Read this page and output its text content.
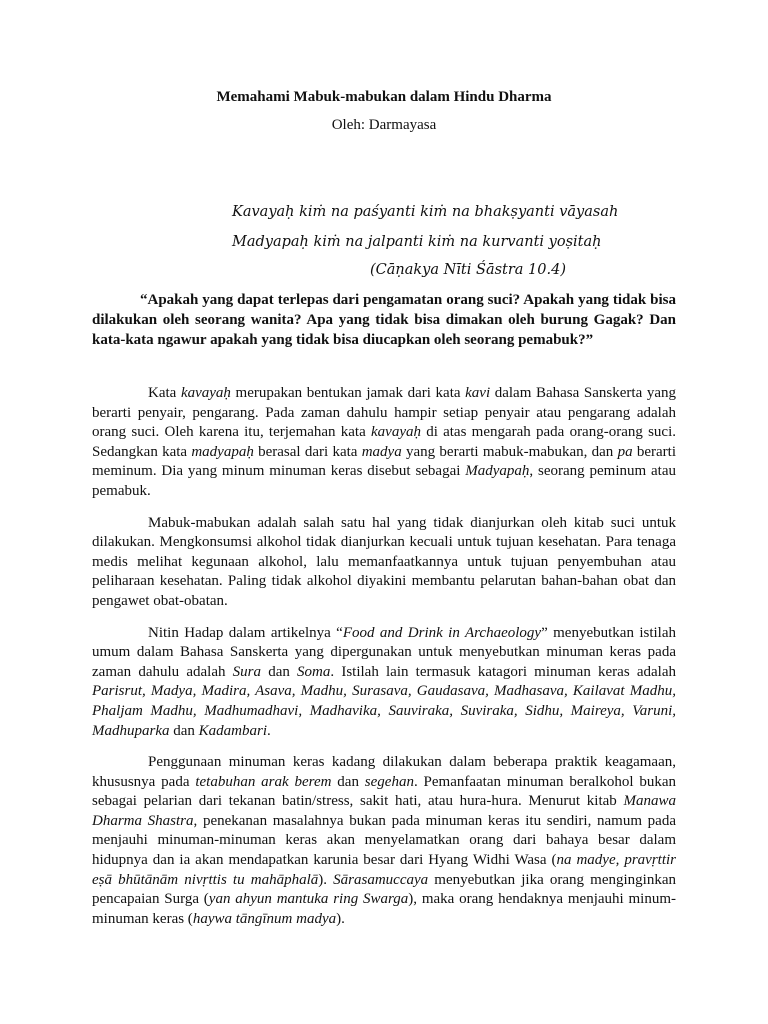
Memahami Mabuk-mabukan dalam Hindu Dharma
Oleh: Darmayasa
Kavayaḥ kiṁ na paśyanti kiṁ na bhakṣyanti vāyasah
Madyapaḥ kiṁ na jalpanti kiṁ na kurvanti yoṣitaḥ
(Cāṇakya Nīti Śāstra 10.4)
“Apakah yang dapat terlepas dari pengamatan orang suci? Apakah yang tidak bisa dilakukan oleh seorang wanita? Apa yang tidak bisa dimakan oleh burung Gagak? Dan kata-kata ngawur apakah yang tidak bisa diucapkan oleh seorang pemabuk?”

Kata kavayaḥ merupakan bentukan jamak dari kata kavi dalam Bahasa Sanskerta yang berarti penyair, pengarang. Pada zaman dahulu hampir setiap penyair atau pengarang adalah orang suci. Oleh karena itu, terjemahan kata kavayaḥ di atas mengarah pada orang-orang suci. Sedangkan kata madyapaḥ berasal dari kata madya yang berarti mabuk-mabukan, dan pa berarti meminum. Dia yang minum minuman keras disebut sebagai Madyapaḥ, seorang peminum atau pemabuk.

Mabuk-mabukan adalah salah satu hal yang tidak dianjurkan oleh kitab suci untuk dilakukan. Mengkonsumsi alkohol tidak dianjurkan kecuali untuk tujuan kesehatan. Para tenaga medis melihat kegunaan alkohol, lalu memanfaatkannya untuk tujuan penyembuhan atau peliharaan kesehatan. Paling tidak alkohol diyakini membantu pelarutan bahan-bahan obat dan pengawet obat-obatan.

Nitin Hadap dalam artikelnya “Food and Drink in Archaeology” menyebutkan istilah umum dalam Bahasa Sanskerta yang dipergunakan untuk menyebutkan minuman keras pada zaman dahulu adalah Sura dan Soma. Istilah lain termasuk katagori minuman keras adalah Parisrut, Madya, Madira, Asava, Madhu, Surasava, Gaudasava, Madhasava, Kailavat Madhu, Phaljam Madhu, Madhumadhavi, Madhavika, Sauviraka, Suviraka, Sidhu, Maireya, Varuni, Madhuparka dan Kadambari.

Penggunaan minuman keras kadang dilakukan dalam beberapa praktik keagamaan, khususnya pada tetabuhan arak berem dan segehan. Pemanfaatan minuman beralkohol bukan sebagai pelarian dari tekanan batin/stress, sakit hati, atau hura-hura. Menurut kitab Manawa Dharma Shastra, penekanan masalahnya bukan pada minuman keras itu sendiri, namum pada menjauhi minuman-minuman keras akan menyelamatkan orang dari bahaya besar dalam hidupnya dan ia akan mendapatkan karunia besar dari Hyang Widhi Wasa (na madye, pravṛttir eṣā bhūtānām nivṛttis tu mahāphalā). Sārasamuccaya menyebutkan jika orang menginginkan pencapaian Surga (yan ahyun mantuka ring Swarga), maka orang hendaknya menjauhi minum-minuman keras (haywa tāngīnum madya).
